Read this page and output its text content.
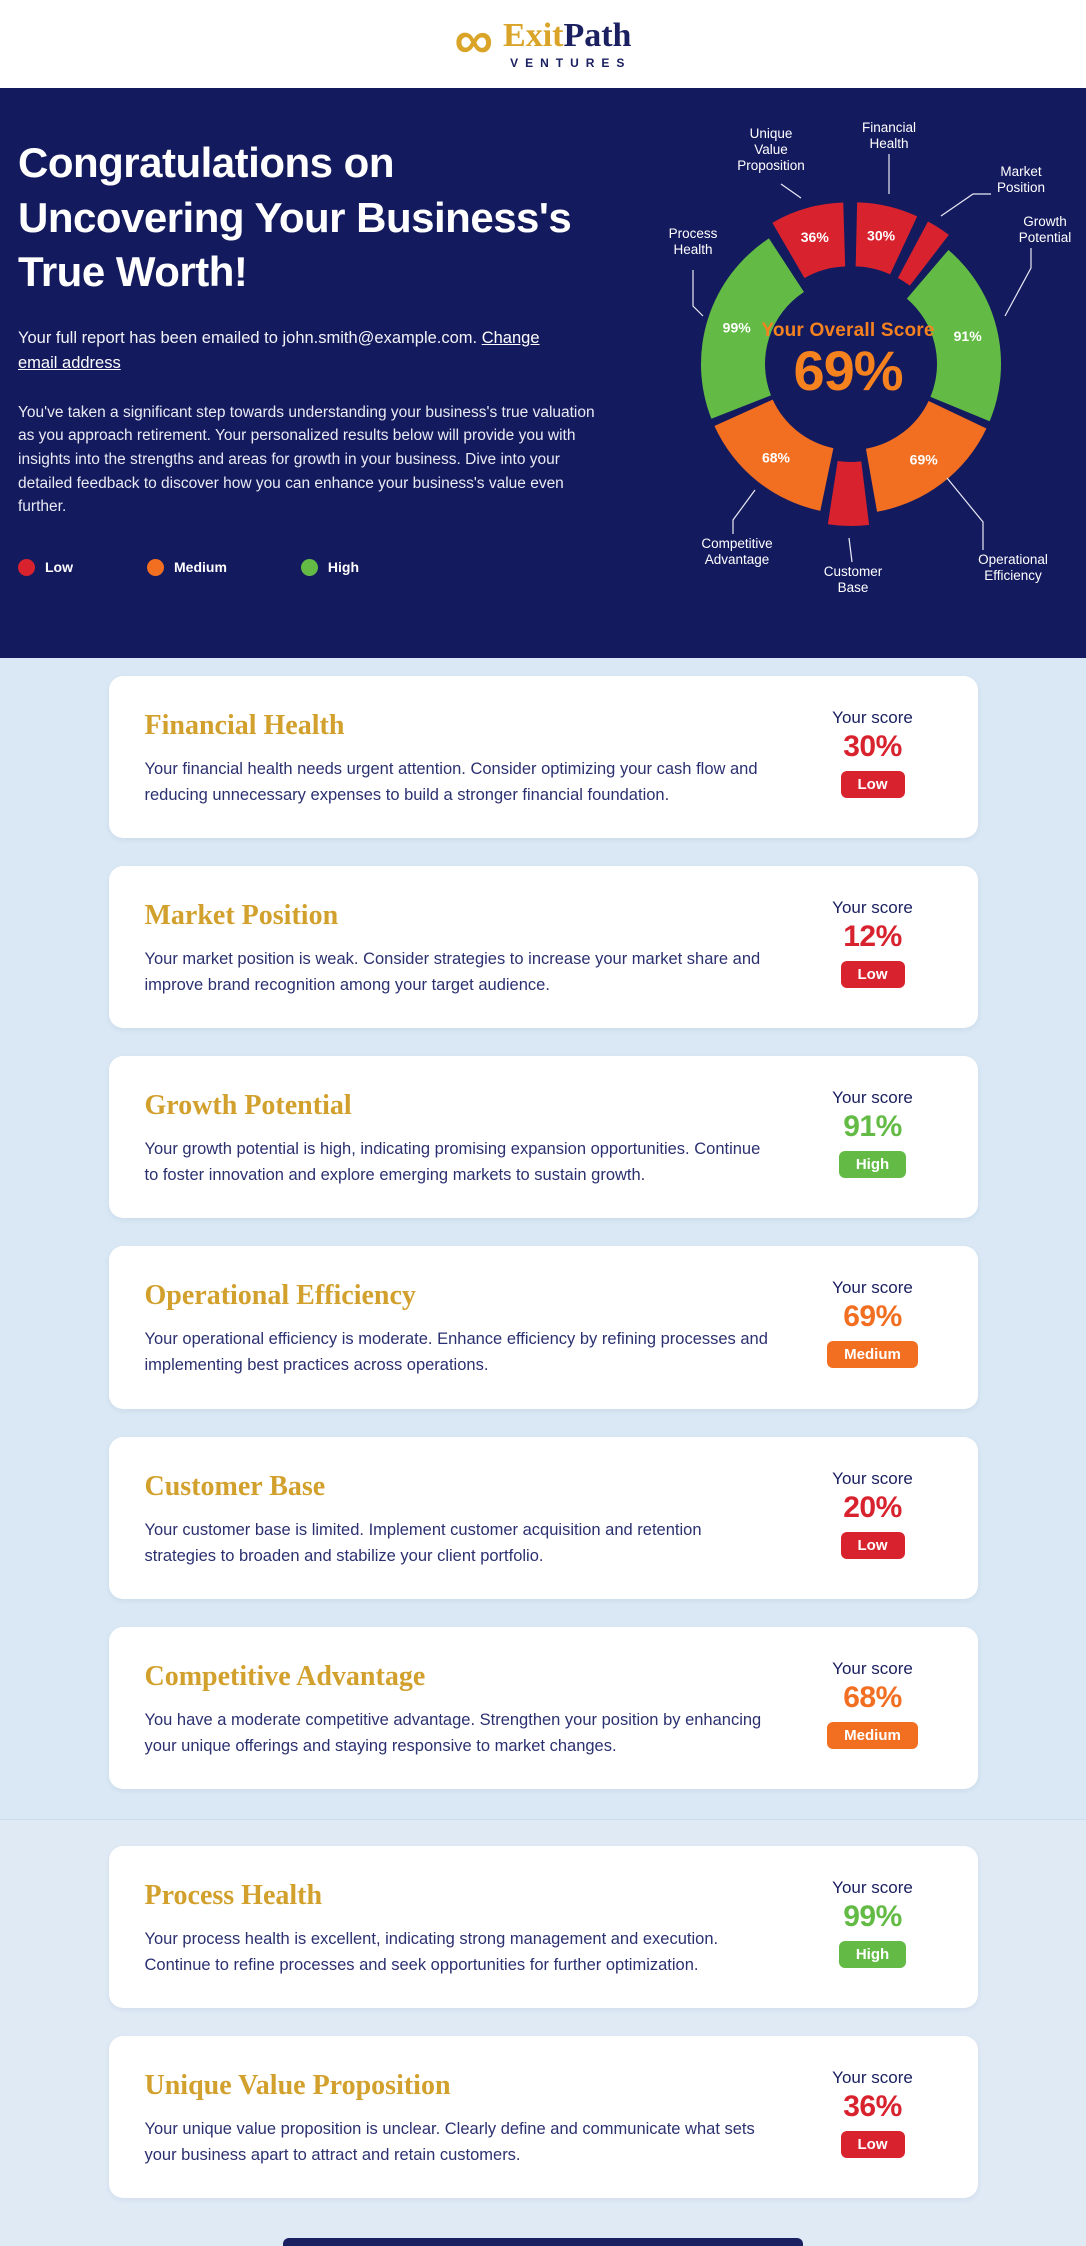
∞ ExitPath
VENTURES
Congratulations on Uncovering Your Business's True Worth!
Your full report has been emailed to john.smith@example.com. Change email address
You've taken a significant step towards understanding your business's true valuation as you approach retirement. Your personalized results below will provide you with insights into the strengths and areas for growth in your business. Dive into your detailed feedback to discover how you can enhance your business's value even further.
Low	Medium	High
30%
Financial Health
Market Position
91%
Growth Potential
69%
Operational Efficiency
Customer Base
68%
Competitive Advantage
99%
Process Health
36%
Unique Value Proposition
Your Overall Score
69%
Financial Health
Your financial health needs urgent attention. Consider optimizing your cash flow and reducing unnecessary expenses to build a stronger financial foundation.
Your score
30%
Low
Market Position
Your market position is weak. Consider strategies to increase your market share and improve brand recognition among your target audience.
Your score
12%
Low
Growth Potential
Your growth potential is high, indicating promising expansion opportunities. Continue to foster innovation and explore emerging markets to sustain growth.
Your score
91%
High
Operational Efficiency
Your operational efficiency is moderate. Enhance efficiency by refining processes and implementing best practices across operations.
Your score
69%
Medium
Customer Base
Your customer base is limited. Implement customer acquisition and retention strategies to broaden and stabilize your client portfolio.
Your score
20%
Low
Competitive Advantage
You have a moderate competitive advantage. Strengthen your position by enhancing your unique offerings and staying responsive to market changes.
Your score
68%
Medium
Process Health
Your process health is excellent, indicating strong management and execution. Continue to refine processes and seek opportunities for further optimization.
Your score
99%
High
Unique Value Proposition
Your unique value proposition is unclear. Clearly define and communicate what sets your business apart to attract and retain customers.
Your score
36%
Low
